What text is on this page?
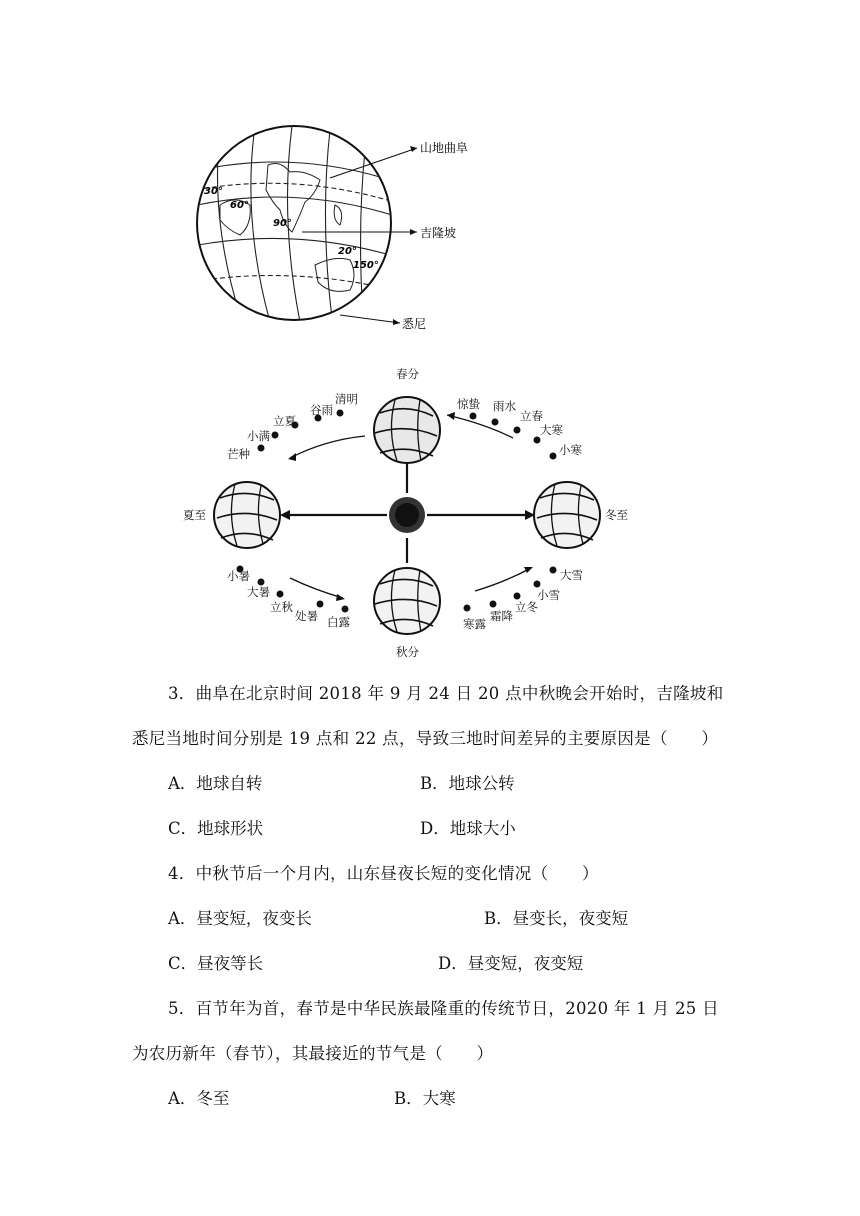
山地曲阜
吉隆坡
悉尼
30°
60°
90°
20°
150°
春分
夏至
秋分
冬至
清明
谷雨
立夏
小满
芒种
惊蛰 雨水
立春
大寒
小寒
小暑
大暑
立秋
处暑 白露	寒露
霜降
立冬
小雪
大雪
3．曲阜在北京时间 2018 年 9 月 24 日 20 点中秋晚会开始时，吉隆坡和
悉尼当地时间分别是 19 点和 22 点，导致三地时间差异的主要原因是（　　）
A．地球自转	B．地球公转
C．地球形状	D．地球大小
4．中秋节后一个月内，山东昼夜长短的变化情况（　　）
A．昼变短，夜变长	B．昼变长，夜变短
C．昼夜等长	D．昼变短，夜变短
5．百节年为首，春节是中华民族最隆重的传统节日，2020 年 1 月 25 日
为农历新年（春节），其最接近的节气是（　　）
A．冬至	B．大寒
